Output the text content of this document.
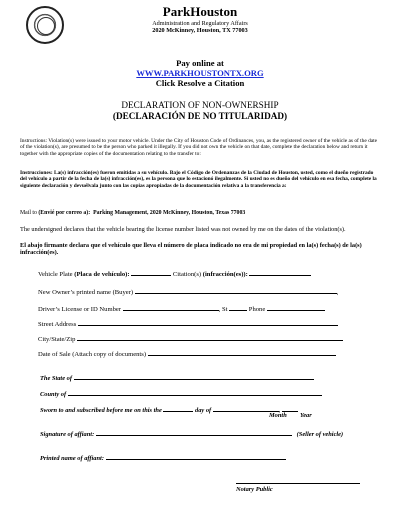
ParkHouston
Administration and Regulatory Affairs
2020 McKinney, Houston, TX 77003
Pay online at
WWW.PARKHOUSTONTX.ORG
Click Resolve a Citation
DECLARATION OF NON-OWNERSHIP
(DECLARACIÓN DE NO TITULARIDAD)
Instructions: Violation(s) were issued to your motor vehicle. Under the City of Houston Code of Ordinances, you, as the registered owner of the vehicle as of the date of the violation(s), are presumed to be the person who parked it illegally. If you did not own the vehicle on that date, complete the declaration below and return it together with the appropriate copies of the documentation relating to the transfer to:
Instrucciones: La(s) infracción(es) fueron emitidas a su vehículo. Bajo el Código de Ordenanzas de la Ciudad de Houston, usted, como el dueño registrado del vehículo a partir de la fecha de la(s) infracción(es), es la persona que lo estacionó ilegalmente. Si usted no es dueño del vehículo en esa fecha, complete la siguiente declaración y devuélvala junto con las copias apropiadas de la documentación relativa a la transferencia a:
Mail to (Envié por correo a): Parking Management, 2020 McKinney, Houston, Texas 77003
The undersigned declares that the vehicle bearing the license number listed was not owned by me on the dates of the violation(s).
El abajo firmante declara que el vehículo que lleva el número de placa indicado no era de mi propiedad en la(s) fecha(s) de la(s) infracción(es).
Vehicle Plate (Placa de vehículo):	Citation(s) (infracción(es)):
New Owner’s printed name (Buyer)	,
Driver’s License or ID Number	, St	Phone
Street Address
City/State/Zip
Date of Sale (Attach copy of documents)
The State of
County of
Sworn to and subscribed before me on this the	day of	,
Month Year
Signature of affiant:	(Seller of vehicle)
Printed name of affiant:
Notary Public
